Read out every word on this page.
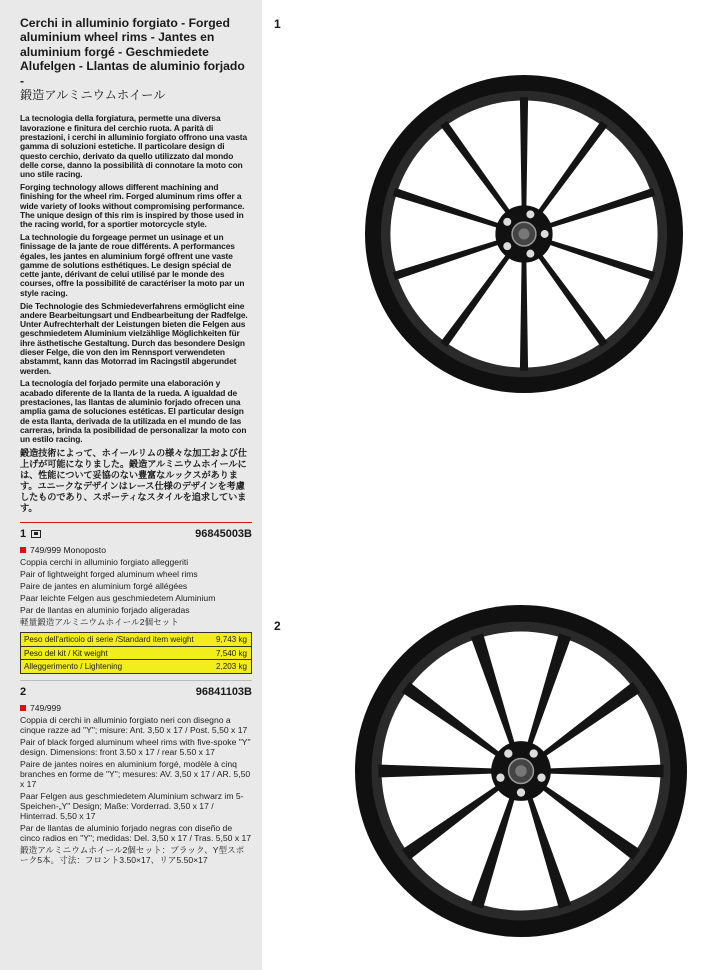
Cerchi in alluminio forgiato - Forged
aluminium wheel rims - Jantes en
aluminium forgé - Geschmiedete
Alufelgen - Llantas de aluminio forjado -
鍛造アルミニウムホイール

La tecnologia della forgiatura, permette una diversa lavorazione e finitura del cerchio ruota. A parità di prestazioni, i cerchi in alluminio forgiato offrono una vasta gamma di soluzioni estetiche. Il particolare design di questo cerchio, derivato da quello utilizzato dal mondo delle corse, danno la possibilità di connotare la moto con uno stile racing.

Forging technology allows different machining and finishing for the wheel rim. Forged aluminum rims offer a wide variety of looks without compromising performance. The unique design of this rim is inspired by those used in the racing world, for a sportier motorcycle style.

La technologie du forgeage permet un usinage et un finissage de la jante de roue différents. A performances égales, les jantes en aluminium forgé offrent une vaste gamme de solutions esthétiques. Le design spécial de cette jante, dérivant de celui utilisé par le monde des courses, offre la possibilité de caractériser la moto par un style racing.

Die Technologie des Schmiedeverfahrens ermöglicht eine andere Bearbeitungsart und Endbearbeitung der Radfelge. Unter Aufrechterhalt der Leistungen bieten die Felgen aus geschmiedetem Aluminium vielzählige Möglichkeiten für ihre ästhetische Gestaltung. Durch das besondere Design dieser Felge, die von den im Rennsport verwendeten abstammt, kann das Motorrad im Racingstil abgerundet werden.

La tecnología del forjado permite una elaboración y acabado diferente de la llanta de la rueda. A igualdad de prestaciones, las llantas de aluminio forjado ofrecen una amplia gama de soluciones estéticas. El particular design de esta llanta, derivada de la utilizada en el mundo de las carreras, brinda la posibilidad de personalizar la moto con un estilo racing.

鍛造技術によって、ホイールリムの様々な加工および仕上げが可能になりました。鍛造アルミニウムホイールには、性能について妥協のない豊富なルックスがあります。ユニークなデザインはレース仕様のデザインを考慮したものであり、スポーティなスタイルを追求しています。

1	96845003B
749/999 Monoposto

Coppia cerchi in alluminio forgiato alleggeriti

Pair of lightweight forged aluminum wheel rims

Paire de jantes en aluminium forgé allégées

Paar leichte Felgen aus geschmiedetem Aluminium

Par de llantas en aluminio forjado aligeradas

軽量鍛造アルミニウムホイール2個セット

Peso dell'articolo di serie /Standard item weight	9,743 kg
Peso del kit / Kit weight	7,540 kg
Alleggerimento / Lightening	2,203 kg
2	96841103B
749/999

Coppia di cerchi in alluminio forgiato neri con disegno a cinque razze ad "Y"; misure: Ant. 3,50 x 17 / Post. 5,50 x 17

Pair of black forged aluminum wheel rims with five-spoke "Y" design. Dimensions: front 3.50 x 17 / rear 5.50 x 17

Paire de jantes noires en aluminium forgé, modèle à cinq branches en forme de "Y"; mesures: AV. 3,50 x 17 / AR. 5,50 x 17

Paar Felgen aus geschmiedetem Aluminium schwarz im 5-Speichen-„Y" Design; Maße: Vorderrad. 3,50 x 17 / Hinterrad. 5,50 x 17

Par de llantas de aluminio forjado negras con diseño de cinco radios en "Y"; medidas: Del. 3,50 x 17 / Tras. 5,50 x 17

鍛造アルミニウムホイール2個セット：ブラック、Y型スポーク5本。寸法：フロント3.50×17、リア5.50×17

1
2
